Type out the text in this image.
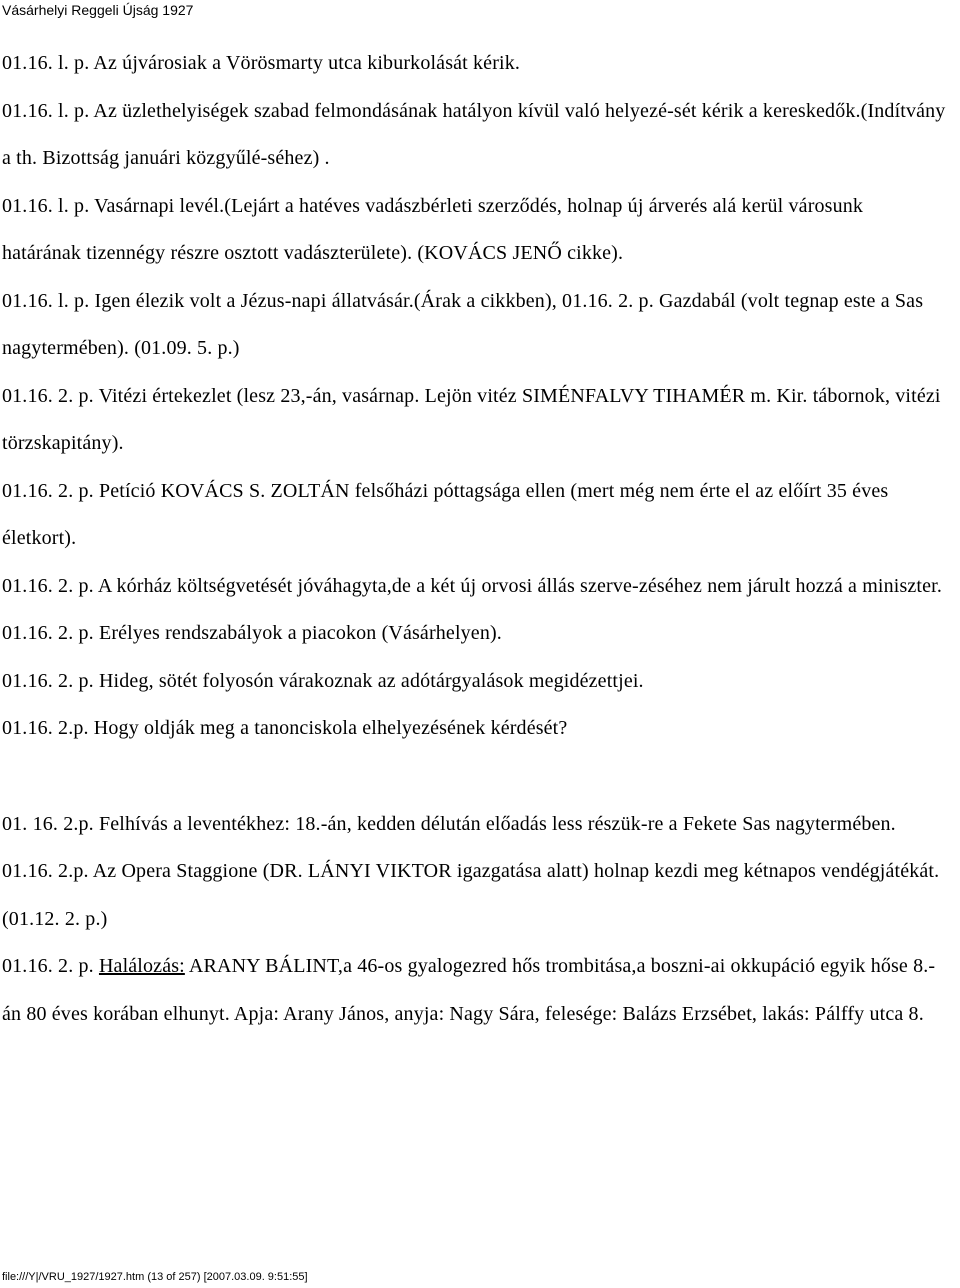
Vásárhelyi Reggeli Újság 1927

01.16. l. p. Az újvárosiak a Vörösmarty utca kiburkolását kérik.

01.16. l. p. Az üzlethelyiségek szabad felmondásának hatályon kívül való helyezé-sét kérik a kereskedők.(Indítvány a th. Bizottság januári közgyűlé-séhez) .

01.16. l. p. Vasárnapi levél.(Lejárt a hatéves vadászbérleti szerződés, holnap új árverés alá kerül városunk határának tizennégy részre osztott vadászterülete). (KOVÁCS JENŐ cikke).

01.16. l. p. Igen élezik volt a Jézus-napi állatvásár.(Árak a cikkben), 01.16. 2. p. Gazdabál (volt tegnap este a Sas nagytermében). (01.09. 5. p.)

01.16. 2. p. Vitézi értekezlet (lesz 23,-án, vasárnap. Lejön vitéz SIMÉNFALVY TIHAMÉR m. Kir. tábornok, vitézi törzskapitány).

01.16. 2. p. Petíció KOVÁCS S. ZOLTÁN felsőházi póttagsága ellen (mert még nem érte el az előírt 35 éves életkort).

01.16. 2. p. A kórház költségvetését jóváhagyta,de a két új orvosi állás szerve-zéséhez nem járult hozzá a miniszter.

01.16. 2. p. Erélyes rendszabályok a piacokon (Vásárhelyen).

01.16. 2. p. Hideg, sötét folyosón várakoznak az adótárgyalások megidézettjei.

01.16. 2.p. Hogy oldják meg a tanonciskola elhelyezésének kérdését?

01. 16. 2.p. Felhívás a leventékhez: 18.-án, kedden délután előadás less részük-re a Fekete Sas nagytermében.

01.16. 2.p. Az Opera Staggione (DR. LÁNYI VIKTOR igazgatása alatt) holnap kezdi meg kétnapos vendégjátékát. (01.12. 2. p.)

01.16. 2. p. Halálozás: ARANY BÁLINT,a 46-os gyalogezred hős trombitása,a boszni-ai okkupáció egyik hőse 8.-án 80 éves korában elhunyt. Apja: Arany János, anyja: Nagy Sára, felesége: Balázs Erzsébet, lakás: Pálffy utca 8.

file:///Y|/VRU_1927/1927.htm (13 of 257) [2007.03.09. 9:51:55]
